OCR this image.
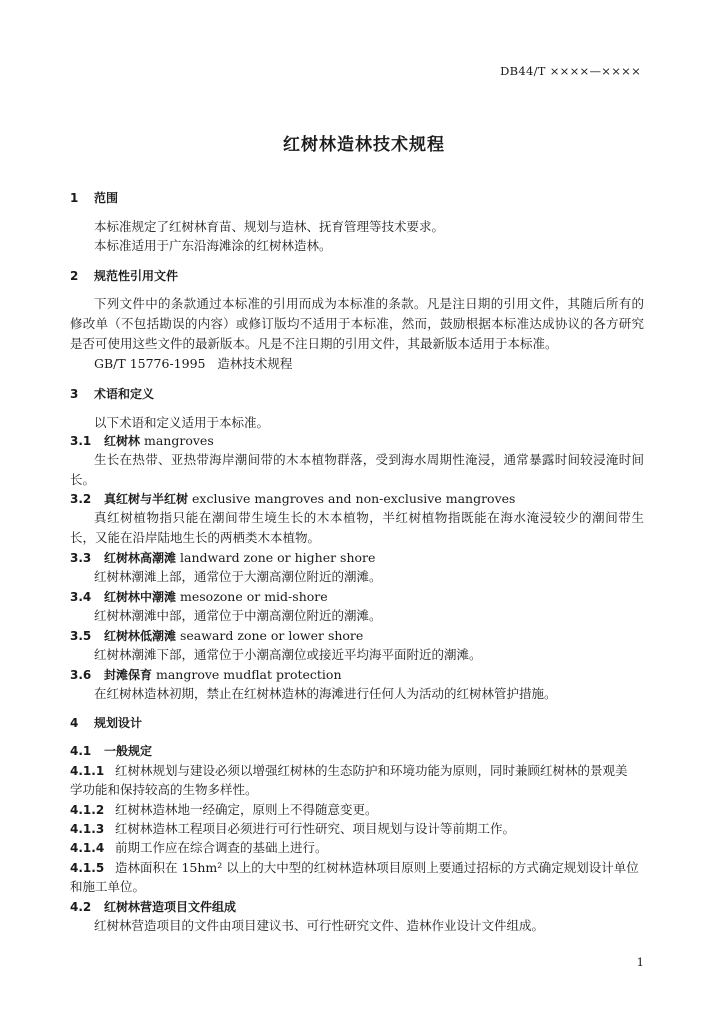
DB44/T ××××—××××
红树林造林技术规程
1 范围
本标准规定了红树林育苗、规划与造林、抚育管理等技术要求。
本标准适用于广东沿海滩涂的红树林造林。
2 规范性引用文件
下列文件中的条款通过本标准的引用而成为本标准的条款。凡是注日期的引用文件，其随后所有的
修改单（不包括勘误的内容）或修订版均不适用于本标准，然而，鼓励根据本标准达成协议的各方研究
是否可使用这些文件的最新版本。凡是不注日期的引用文件，其最新版本适用于本标准。
GB/T 15776-1995   造林技术规程
3 术语和定义
以下术语和定义适用于本标准。
3.1 红树林 mangroves
生长在热带、亚热带海岸潮间带的木本植物群落，受到海水周期性淹浸，通常暴露时间较浸淹时间
长。
3.2 真红树与半红树 exclusive mangroves and non-exclusive mangroves
真红树植物指只能在潮间带生境生长的木本植物，半红树植物指既能在海水淹浸较少的潮间带生
长，又能在沿岸陆地生长的两栖类木本植物。
3.3 红树林高潮滩 landward zone or higher shore
红树林潮滩上部，通常位于大潮高潮位附近的潮滩。
3.4 红树林中潮滩 mesozone or mid-shore
红树林潮滩中部，通常位于中潮高潮位附近的潮滩。
3.5 红树林低潮滩 seaward zone or lower shore
红树林潮滩下部，通常位于小潮高潮位或接近平均海平面附近的潮滩。
3.6 封滩保育 mangrove mudflat protection
在红树林造林初期，禁止在红树林造林的海滩进行任何人为活动的红树林管护措施。
4 规划设计
4.1 一般规定
4.1.1 红树林规划与建设必须以增强红树林的生态防护和环境功能为原则，同时兼顾红树林的景观美
学功能和保持较高的生物多样性。
4.1.2 红树林造林地一经确定，原则上不得随意变更。
4.1.3 红树林造林工程项目必须进行可行性研究、项目规划与设计等前期工作。
4.1.4 前期工作应在综合调查的基础上进行。
4.1.5 造林面积在 15hm² 以上的大中型的红树林造林项目原则上要通过招标的方式确定规划设计单位
和施工单位。
4.2 红树林营造项目文件组成
红树林营造项目的文件由项目建议书、可行性研究文件、造林作业设计文件组成。
1
